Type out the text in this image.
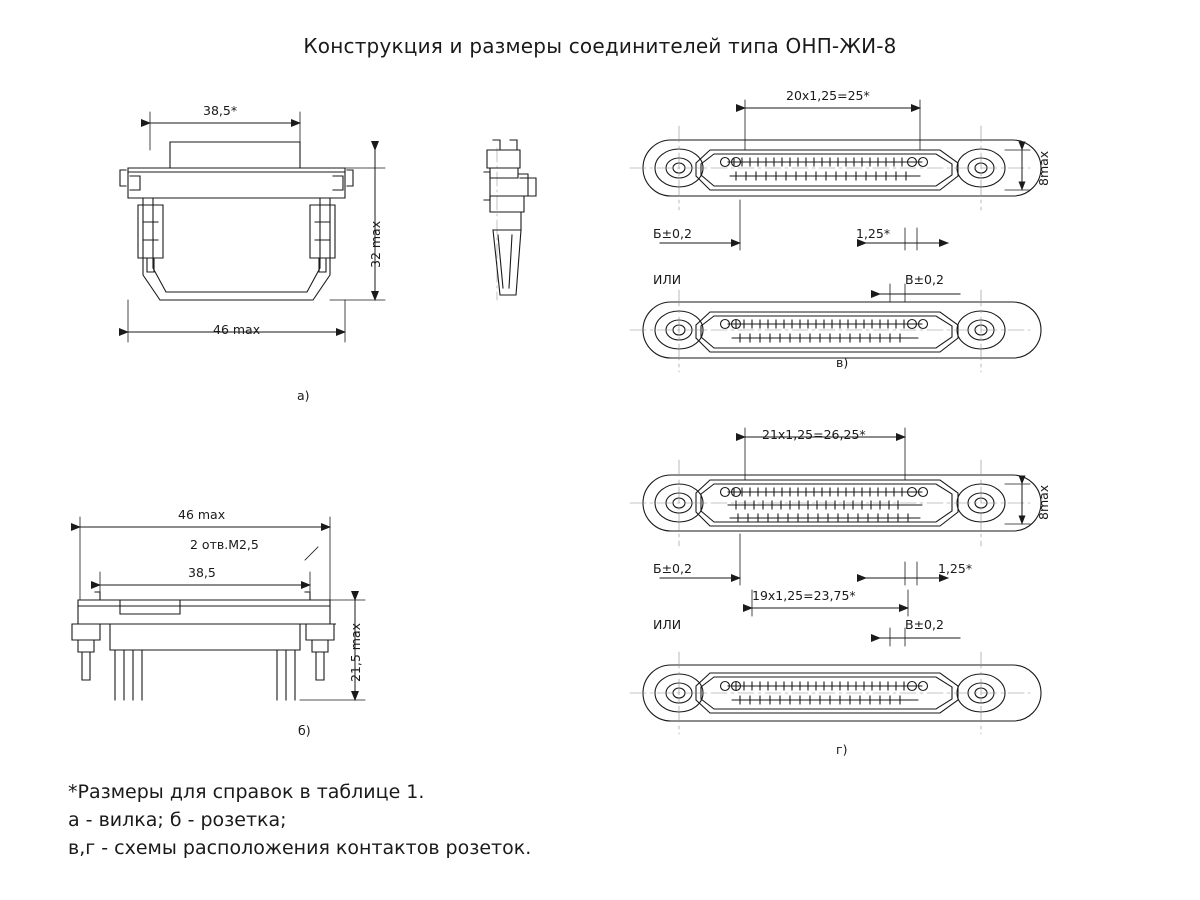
Конструкция и размеры соединителей типа ОНП-ЖИ-8
38,5*
32 max
46 max
а)
46 max
2 отв.М2,5
38,5
21,5 max
б)
20x1,25=25*
8max
Б±0,2	1,25*
ИЛИ	В±0,2
в)
21x1,25=26,25*
8max
Б±0,2	1,25*
19x1,25=23,75*
ИЛИ	В±0,2
г)
*Размеры для справок в таблице 1.
а - вилка; б - розетка;
в,г - схемы расположения контактов розеток.
